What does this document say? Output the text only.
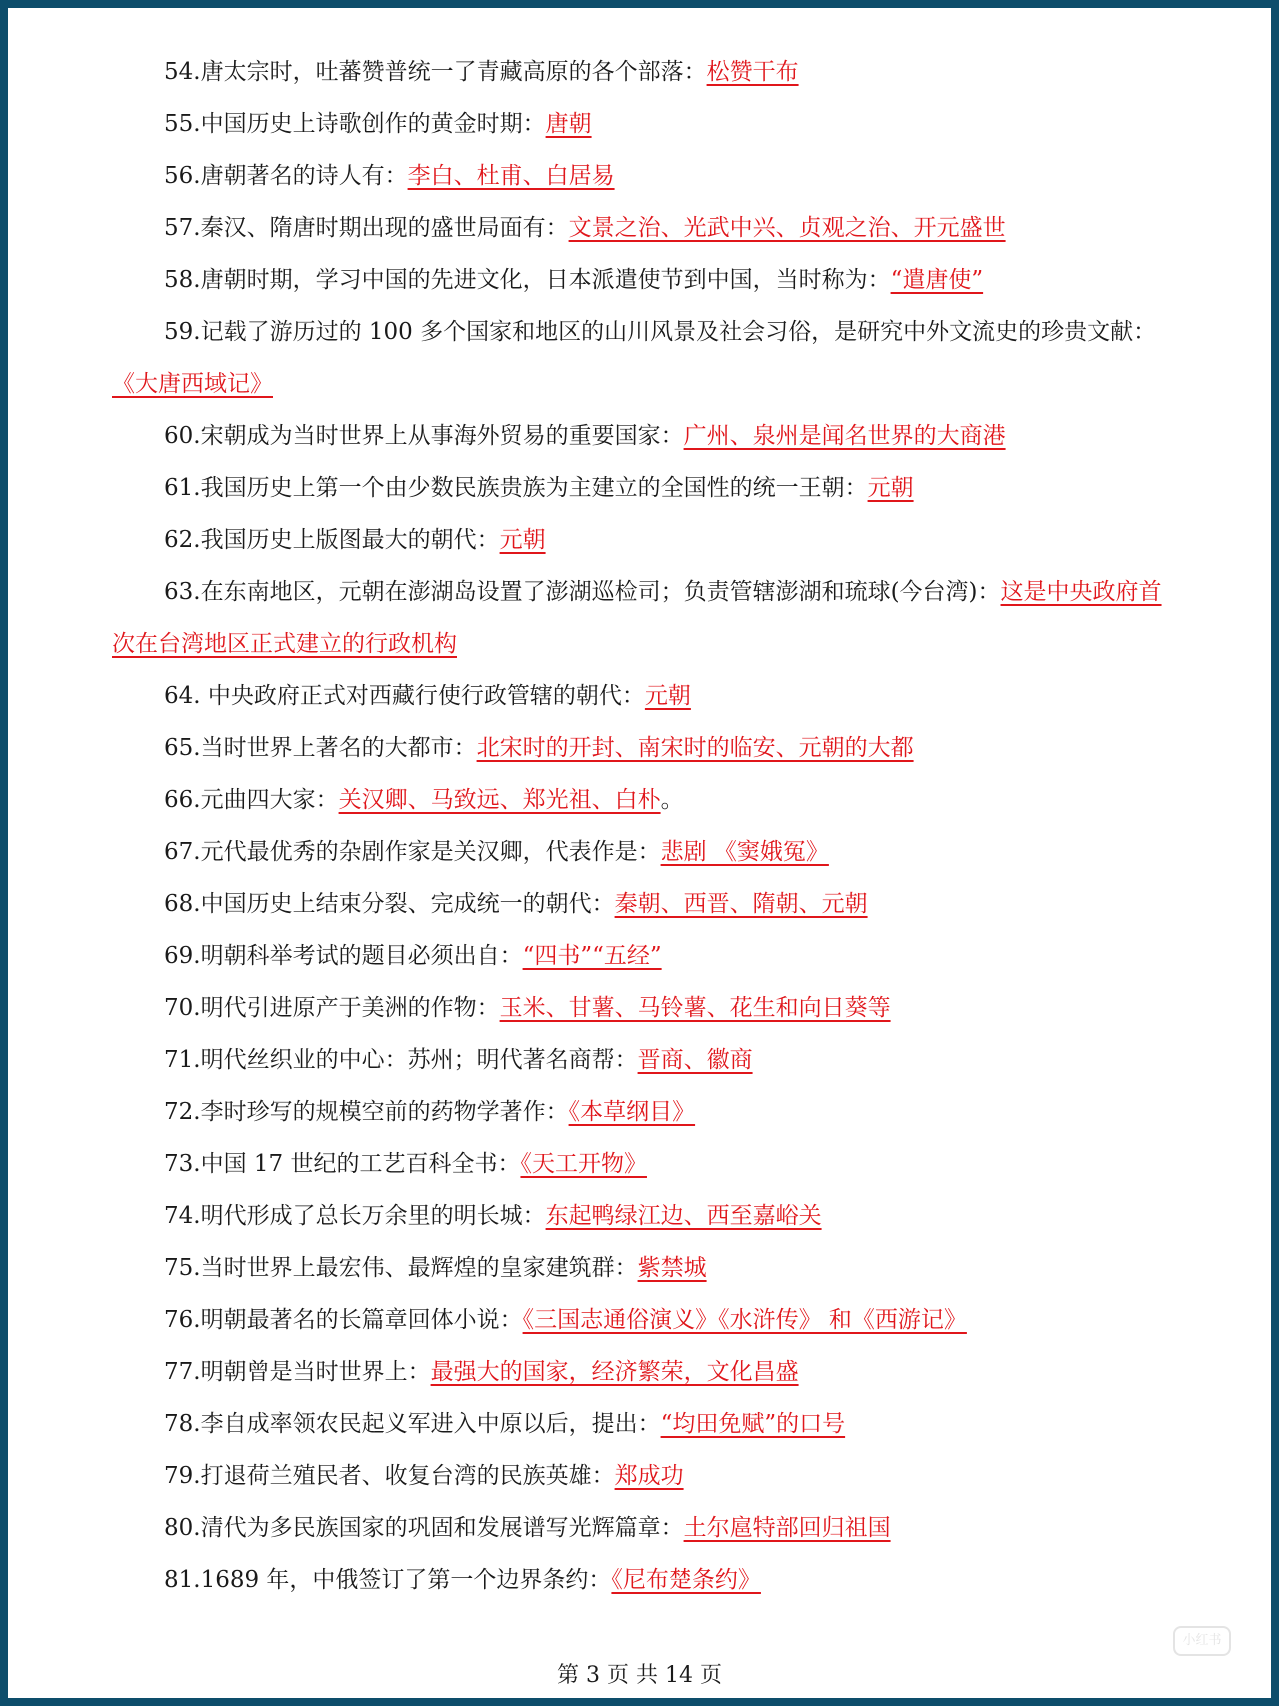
54.唐太宗时，吐蕃赞普统一了青藏高原的各个部落：松赞干布
55.中国历史上诗歌创作的黄金时期：唐朝
56.唐朝著名的诗人有：李白、杜甫、白居易
57.秦汉、隋唐时期出现的盛世局面有：文景之治、光武中兴、贞观之治、开元盛世
58.唐朝时期，学习中国的先进文化，日本派遣使节到中国，当时称为：“遣唐使”
59.记载了游历过的 100 多个国家和地区的山川风景及社会习俗，是研究中外文流史的珍贵文献：《大唐西域记》
60.宋朝成为当时世界上从事海外贸易的重要国家：广州、泉州是闻名世界的大商港
61.我国历史上第一个由少数民族贵族为主建立的全国性的统一王朝：元朝
62.我国历史上版图最大的朝代：元朝
63.在东南地区，元朝在澎湖岛设置了澎湖巡检司；负责管辖澎湖和琉球(今台湾)：这是中央政府首次在台湾地区正式建立的行政机构
64. 中央政府正式对西藏行使行政管辖的朝代：元朝
65.当时世界上著名的大都市：北宋时的开封、南宋时的临安、元朝的大都
66.元曲四大家：关汉卿、马致远、郑光祖、白朴。
67.元代最优秀的杂剧作家是关汉卿，代表作是：悲剧 《窦娥冤》
68.中国历史上结束分裂、完成统一的朝代：秦朝、西晋、隋朝、元朝
69.明朝科举考试的题目必须出自：“四书”“五经”
70.明代引进原产于美洲的作物：玉米、甘薯、马铃薯、花生和向日葵等
71.明代丝织业的中心：苏州；明代著名商帮：晋商、徽商
72.李时珍写的规模空前的药物学著作：《本草纲目》
73.中国 17 世纪的工艺百科全书：《天工开物》
74.明代形成了总长万余里的明长城：东起鸭绿江边、西至嘉峪关
75.当时世界上最宏伟、最辉煌的皇家建筑群：紫禁城
76.明朝最著名的长篇章回体小说：《三国志通俗演义》《水浒传》 和《西游记》
77.明朝曾是当时世界上：最强大的国家，经济繁荣，文化昌盛
78.李自成率领农民起义军进入中原以后，提出：“均田免赋”的口号
79.打退荷兰殖民者、收复台湾的民族英雄：郑成功
80.清代为多民族国家的巩固和发展谱写光辉篇章：土尔扈特部回归祖国
81.1689 年，中俄签订了第一个边界条约：《尼布楚条约》
小红书
第 3 页 共 14 页
